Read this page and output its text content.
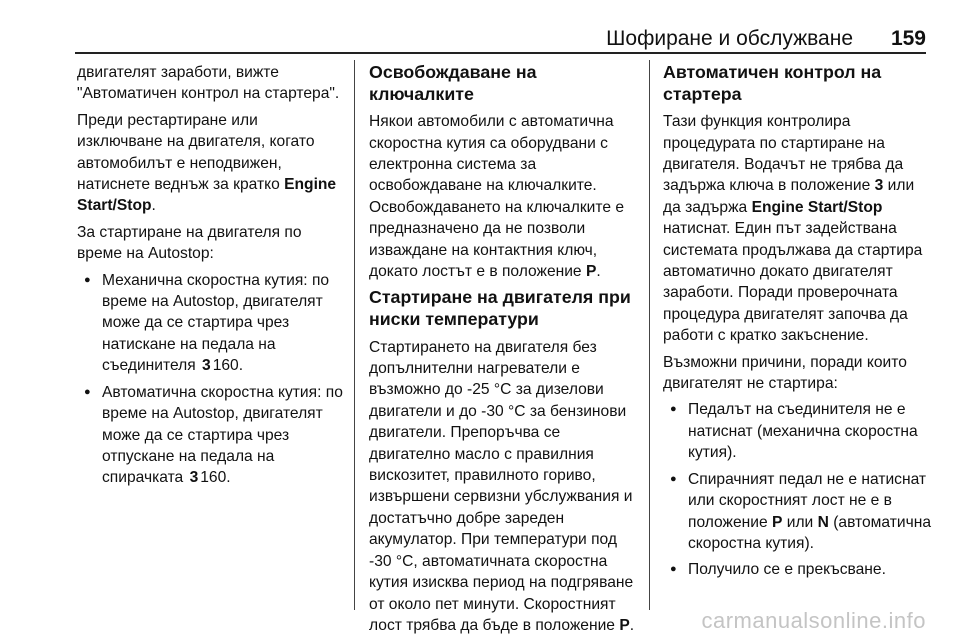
Шофиране и обслужване 159

двигателят заработи, вижте "Автоматичен контрол на стартера".

Преди рестартиране или изключване на двигателя, когато автомобилът е неподвижен, натиснете веднъж за кратко Engine Start/Stop.

За стартиране на двигателя по време на Autostop:

● Механична скоростна кутия: по време на Autostop, двигателят може да се стартира чрез натискане на педала на съединителя 3 160.
● Автоматична скоростна кутия: по време на Autostop, двигателят може да се стартира чрез отпускане на педала на спирачката 3 160.
Освобождаване на ключалките

Някои автомобили с автоматична скоростна кутия са оборудвани с електронна система за освобождаване на ключалките. Освобождаването на ключалките е предназначено да не позволи изваждане на контактния ключ, докато лостът е в положение P.

Стартиране на двигателя при ниски температури

Стартирането на двигателя без допълнителни нагреватели е възможно до -25 °C за дизелови двигатели и до -30 °C за бензинови двигатели. Препоръчва се двигателно масло с правилния вискозитет, правилното гориво, извършени сервизни убслужвания и достатъчно добре зареден акумулатор. При температури под -30 °C, автоматичната скоростна кутия изисква период на подгряване от около пет минути. Скоростният лост трябва да бъде в положение P.

Автоматичен контрол на стартера

Тази функция контролира процедурата по стартиране на двигателя. Водачът не трябва да задържа ключа в положение 3 или да задържа Engine Start/Stop натиснат. Един път задействана системата продължава да стартира автоматично докато двигателят заработи. Поради проверочната процедура двигателят започва да работи с кратко закъснение.

Възможни причини, поради които двигателят не стартира:

● Педалът на съединителя не е натиснат (механична скоростна кутия).
● Спирачният педал не е натиснат или скоростният лост не е в положение P или N (автоматична скоростна кутия).
● Получило се е прекъсване.
carmanualsonline.info
